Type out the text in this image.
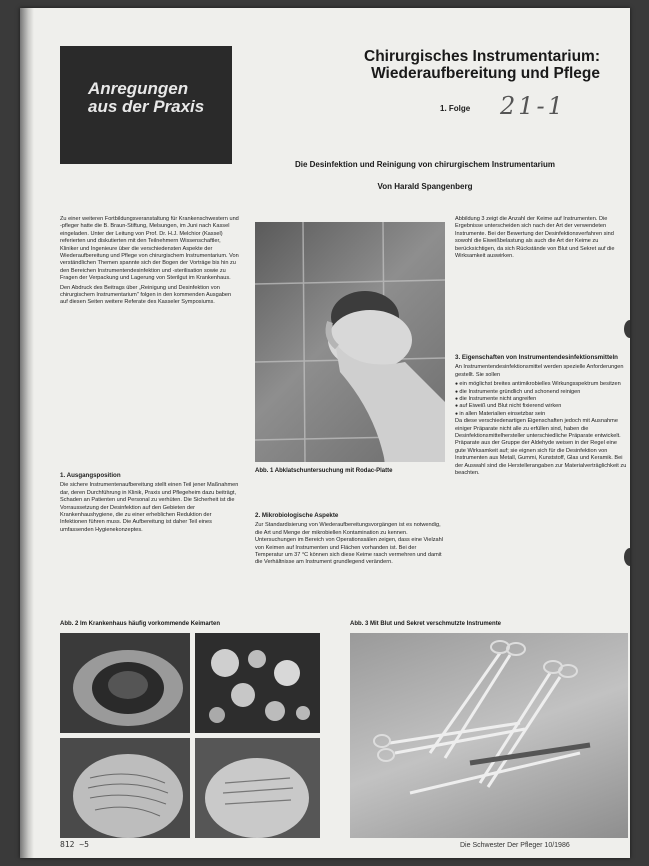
Anregungen
aus der Praxis
Chirurgisches Instrumentarium:
Wiederaufbereitung und Pflege
1. Folge 21-1
Die Desinfektion und Reinigung von chirurgischem Instrumentarium
Von Harald Spangenberg

Zu einer weiteren Fortbildungsveranstaltung für Krankenschwestern und -pfleger hatte die B. Braun-Stiftung, Melsungen, im Juni nach Kassel eingeladen. Unter der Leitung von Prof. Dr. H.J. Melchior (Kassel) referierten und diskutierten mit den Teilnehmern Wissenschaftler, Kliniker und Ingenieure über die verschiedensten Aspekte der Wiederaufbereitung und Pflege von chirurgischem Instrumentarium. Von verständlichen Themen spannte sich der Bogen der Vorträge bis hin zu den Bereichen Instrumentendesinfektion und -sterilisation sowie zu Fragen der Verpackung und Lagerung von Sterilgut im Krankenhaus.

Den Abdruck des Beitrags über „Reinigung und Desinfektion von chirurgischem Instrumentarium" folgen in den kommenden Ausgaben auf diesen Seiten weitere Referate des Kasseler Symposiums.

1. Ausgangsposition

Die sichere Instrumentenaufbereitung stellt einen Teil jener Maßnahmen dar, deren Durchführung in Klinik, Praxis und Pflegeheim dazu beiträgt, Schaden an Patienten und Personal zu verhüten. Die Sicherheit ist die Vorraussetzung der Desinfektion auf den Gebieten der Krankenhaushygiene, die zu einer erheblichen Reduktion der Infektionen führen muss. Die Aufbereitung ist daher Teil eines umfassenden Hygienekonzeptes.

Abb. 1 Abklatschuntersuchung mit Rodac-Platte
2. Mikrobiologische Aspekte

Zur Standardisierung von Wiederaufbereitungsvorgängen ist es notwendig, die Art und Menge der mikrobiellen Kontamination zu kennen. Untersuchungen im Bereich von Operationssälen zeigen, dass eine Vielzahl von Keimen auf Instrumenten und Flächen vorhanden ist. Bei der Temperatur um 37 °C können sich diese Keime rasch vermehren und damit die Verhältnisse am Instrument grundlegend verändern.

Abbildung 3 zeigt die Anzahl der Keime auf Instrumenten. Die Ergebnisse unterscheiden sich nach der Art der verwendeten Instrumente. Bei der Bewertung der Desinfektionsverfahren sind sowohl die Eiweißbelastung als auch die Art der Keime zu berücksichtigen, da sich Rückstände von Blut und Sekret auf die Wirksamkeit auswirken.

3. Eigenschaften von Instrumentendesinfektionsmitteln

An Instrumentendesinfektionsmittel werden spezielle Anforderungen gestellt. Sie sollen

● ein möglichst breites antimikrobielles Wirkungsspektrum besitzen
● die Instrumente gründlich und schonend reinigen
● die Instrumente nicht angreifen
● auf Eiweiß und Blut nicht fixierend wirken
● in allen Materialien einsetzbar sein

Da diese verschiedenartigen Eigenschaften jedoch mit Ausnahme einiger Präparate nicht alle zu erfüllen sind, haben die Desinfektionsmittelhersteller unterschiedliche Präparate entwickelt. Präparate aus der Gruppe der Aldehyde weisen in der Regel eine gute Wirksamkeit auf; sie eignen sich für die Desinfektion von Instrumenten aus Metall, Gummi, Kunststoff, Glas und Keramik. Bei der Auswahl sind die Herstellerangaben zur Materialverträglichkeit zu beachten.

Abb. 2 Im Krankenhaus häufig vorkommende Keimarten	Abb. 3 Mit Blut und Sekret verschmutzte Instrumente
812 ~5	Die Schwester Der Pfleger 10/1986
